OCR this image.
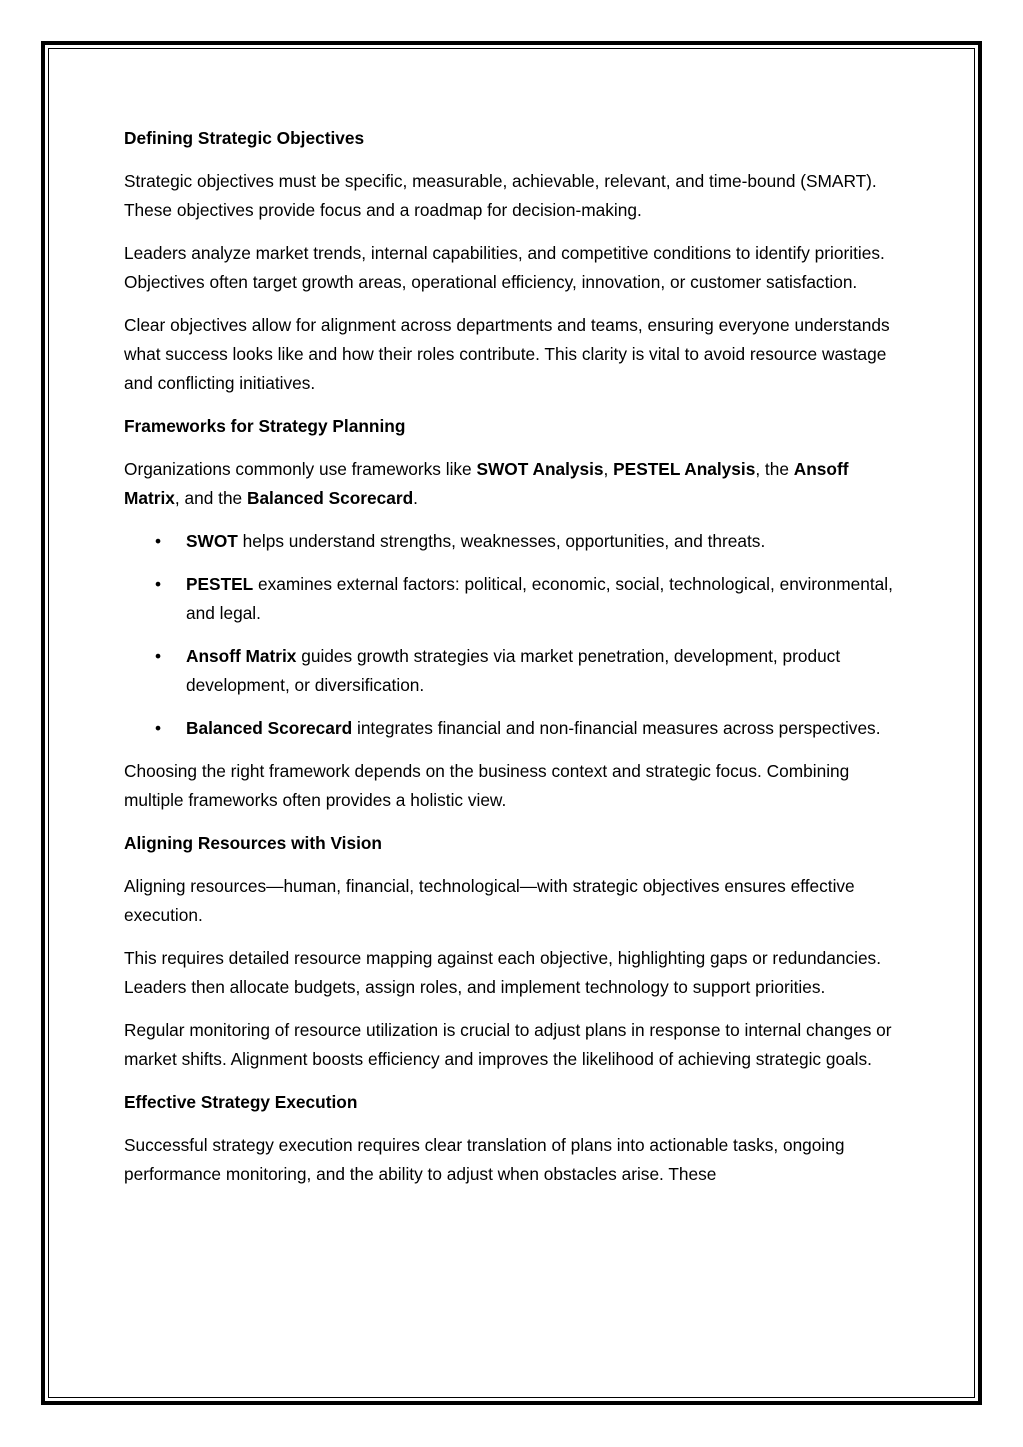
Defining Strategic Objectives

Strategic objectives must be specific, measurable, achievable, relevant, and time-bound (SMART). These objectives provide focus and a roadmap for decision-making.

Leaders analyze market trends, internal capabilities, and competitive conditions to identify priorities. Objectives often target growth areas, operational efficiency, innovation, or customer satisfaction.

Clear objectives allow for alignment across departments and teams, ensuring everyone understands what success looks like and how their roles contribute. This clarity is vital to avoid resource wastage and conflicting initiatives.

Frameworks for Strategy Planning

Organizations commonly use frameworks like SWOT Analysis, PESTEL Analysis, the Ansoff Matrix, and the Balanced Scorecard.

• SWOT helps understand strengths, weaknesses, opportunities, and threats.
• PESTEL examines external factors: political, economic, social, technological, environmental, and legal.
• Ansoff Matrix guides growth strategies via market penetration, development, product development, or diversification.
• Balanced Scorecard integrates financial and non-financial measures across perspectives.

Choosing the right framework depends on the business context and strategic focus. Combining multiple frameworks often provides a holistic view.

Aligning Resources with Vision

Aligning resources—human, financial, technological—with strategic objectives ensures effective execution.

This requires detailed resource mapping against each objective, highlighting gaps or redundancies. Leaders then allocate budgets, assign roles, and implement technology to support priorities.

Regular monitoring of resource utilization is crucial to adjust plans in response to internal changes or market shifts. Alignment boosts efficiency and improves the likelihood of achieving strategic goals.

Effective Strategy Execution

Successful strategy execution requires clear translation of plans into actionable tasks, ongoing performance monitoring, and the ability to adjust when obstacles arise. These
